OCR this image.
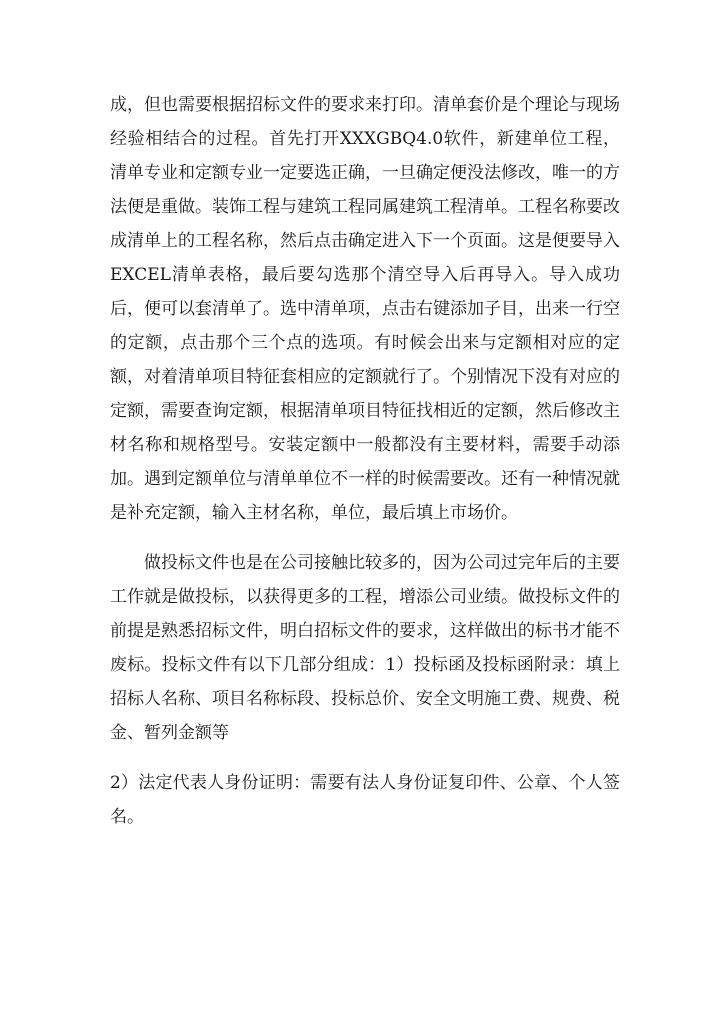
成，但也需要根据招标文件的要求来打印。清单套价是个理论与现场经验相结合的过程。首先打开XXXGBQ4.0软件，新建单位工程，清单专业和定额专业一定要选正确，一旦确定便没法修改，唯一的方法便是重做。装饰工程与建筑工程同属建筑工程清单。工程名称要改成清单上的工程名称，然后点击确定进入下一个页面。这是便要导入EXCEL清单表格，最后要勾选那个清空导入后再导入。导入成功后，便可以套清单了。选中清单项，点击右键添加子目，出来一行空的定额，点击那个三个点的选项。有时候会出来与定额相对应的定额，对着清单项目特征套相应的定额就行了。个别情况下没有对应的定额，需要查询定额，根据清单项目特征找相近的定额，然后修改主材名称和规格型号。安装定额中一般都没有主要材料，需要手动添加。遇到定额单位与清单单位不一样的时候需要改。还有一种情况就是补充定额，输入主材名称，单位，最后填上市场价。

做投标文件也是在公司接触比较多的，因为公司过完年后的主要工作就是做投标，以获得更多的工程，增添公司业绩。做投标文件的前提是熟悉招标文件，明白招标文件的要求，这样做出的标书才能不废标。投标文件有以下几部分组成：1）投标函及投标函附录：填上招标人名称、项目名称标段、投标总价、安全文明施工费、规费、税金、暂列金额等

2）法定代表人身份证明：需要有法人身份证复印件、公章、个人签名。
